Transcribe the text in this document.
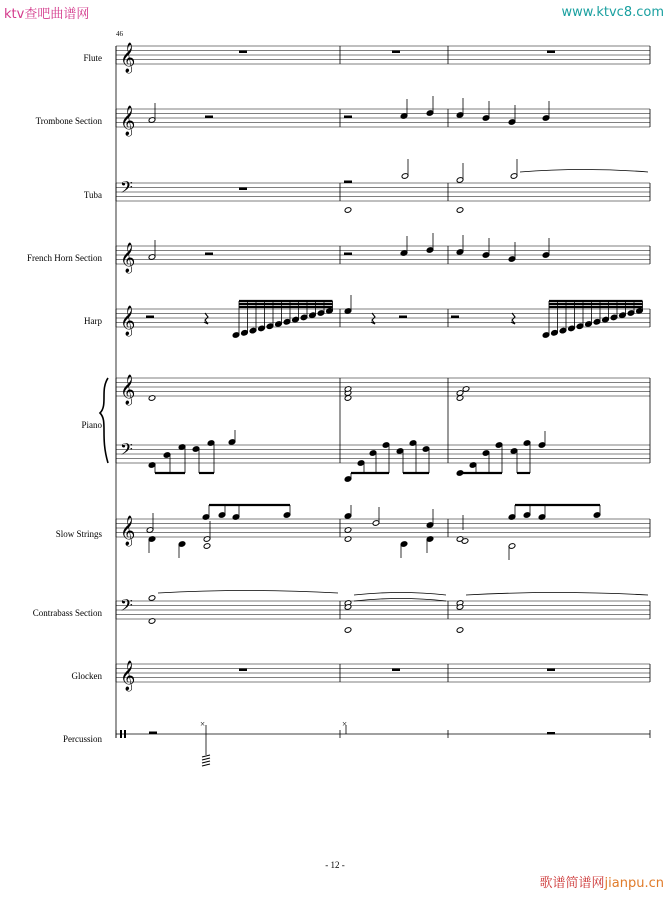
ktv查吧曲谱网	www.ktvc8.com
歌谱简谱网jianpu.cn
46
Flute
Trombone Section
Tuba
French Horn Section
Harp
Piano
Slow Strings
Contrabass Section
Glocken
Percussion
𝄞
𝄞
𝄢
𝄞
𝄞
𝄞
𝄢
𝄞
𝄢
𝄞
×	×
- 12 -
